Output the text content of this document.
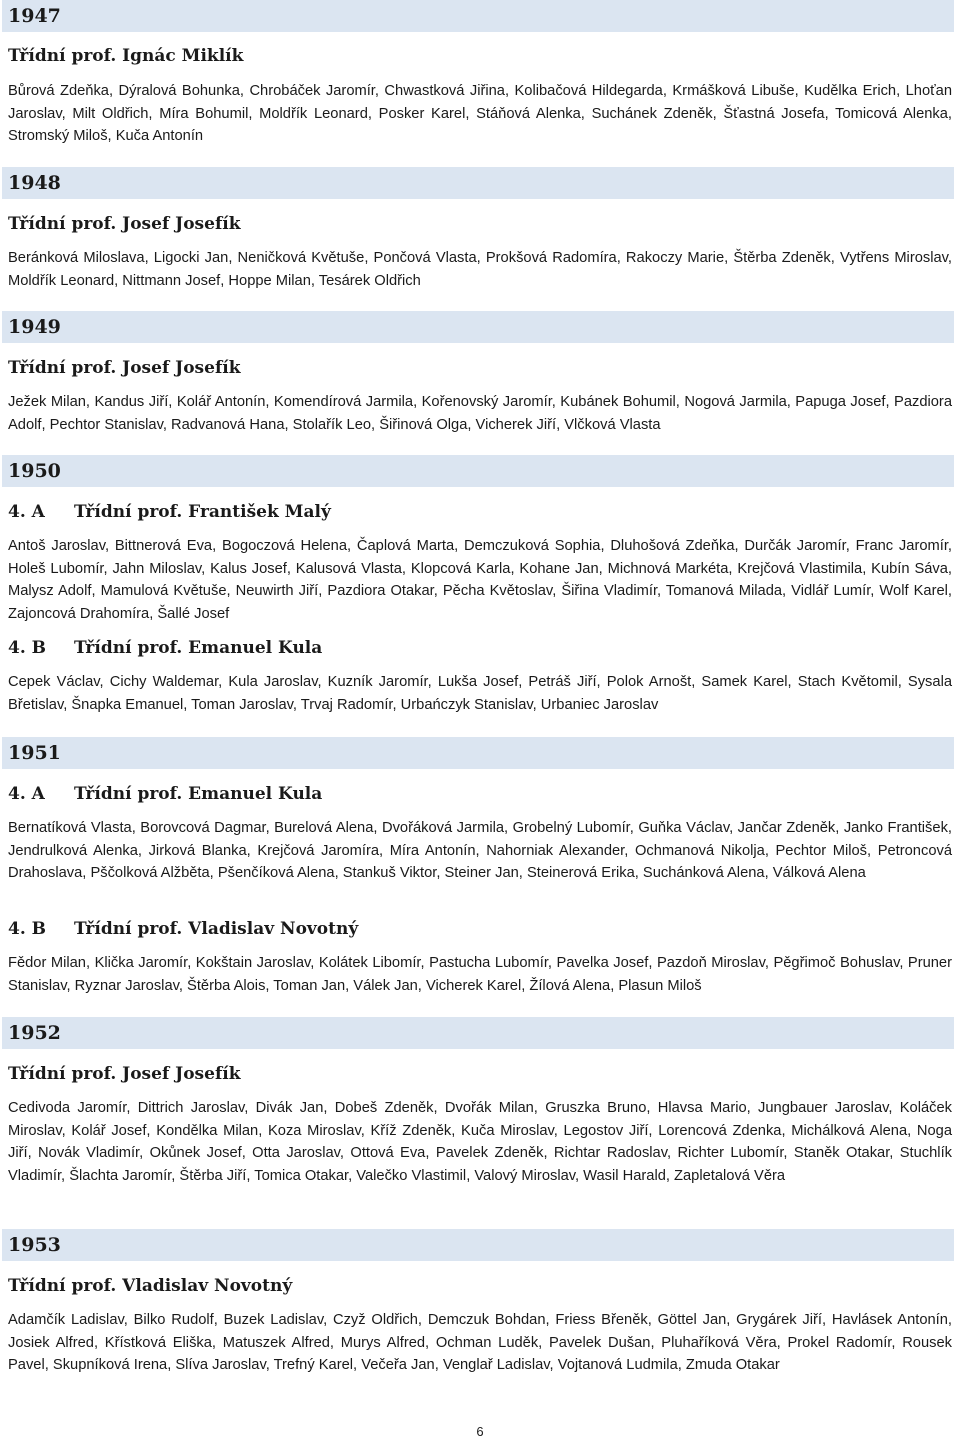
1947
Třídní prof. Ignác Miklík

Bůrová Zdeňka, Dýralová Bohunka, Chrobáček Jaromír, Chwastková Jiřina, Kolibačová Hildegarda, Krmášková Libuše, Kudělka Erich, Lhoťan Jaroslav, Milt Oldřich, Míra Bohumil, Moldřík Leonard, Posker Karel, Stáňová Alenka, Suchánek Zdeněk, Šťastná Josefa, Tomicová Alenka, Stromský Miloš, Kuča Antonín

1948
Třídní prof. Josef Josefík

Beránková Miloslava, Ligocki Jan, Neničková Květuše, Pončová Vlasta, Prokšová Radomíra, Rakoczy Marie, Štěrba Zdeněk, Vytřens Miroslav, Moldřík Leonard, Nittmann Josef, Hoppe Milan, Tesárek Oldřich

1949
Třídní prof. Josef Josefík

Ježek Milan, Kandus Jiří, Kolář Antonín, Komendírová Jarmila, Kořenovský Jaromír, Kubánek Bohumil, Nogová Jarmila, Papuga Josef, Pazdiora Adolf, Pechtor Stanislav, Radvanová Hana, Stolařík Leo, Šiřinová Olga, Vicherek Jiří, Vlčková Vlasta

1950
4. A Třídní prof. František Malý

Antoš Jaroslav, Bittnerová Eva, Bogoczová Helena, Čaplová Marta, Demczuková Sophia, Dluhošová Zdeňka, Durčák Jaromír, Franc Jaromír, Holeš Lubomír, Jahn Miloslav, Kalus Josef, Kalusová Vlasta, Klopcová Karla, Kohane Jan, Michnová Markéta, Krejčová Vlastimila, Kubín Sáva, Malysz Adolf, Mamulová Květuše, Neuwirth Jiří, Pazdiora Otakar, Pěcha Květoslav, Šiřina Vladimír, Tomanová Milada, Vidlář Lumír, Wolf Karel, Zajoncová Drahomíra, Šallé Josef

4. B Třídní prof. Emanuel Kula

Cepek Václav, Cichy Waldemar, Kula Jaroslav, Kuzník Jaromír, Lukša Josef, Petráš Jiří, Polok Arnošt, Samek Karel, Stach Květomil, Sysala Břetislav, Šnapka Emanuel, Toman Jaroslav, Trvaj Radomír, Urbańczyk Stanislav, Urbaniec Jaroslav

1951
4. A Třídní prof. Emanuel Kula

Bernatíková Vlasta, Borovcová Dagmar, Burelová Alena, Dvořáková Jarmila, Grobelný Lubomír, Guňka Václav, Jančar Zdeněk, Janko František, Jendrulková Alenka, Jirková Blanka, Krejčová Jaromíra, Míra Antonín, Nahorniak Alexander, Ochmanová Nikolja, Pechtor Miloš, Petroncová Drahoslava, Pščolková Alžběta, Pšenčíková Alena, Stankuš Viktor, Steiner Jan, Steinerová Erika, Suchánková Alena, Válková Alena

4. B Třídní prof. Vladislav Novotný

Fědor Milan, Klička Jaromír, Kokštain Jaroslav, Kolátek Libomír, Pastucha Lubomír, Pavelka Josef, Pazdoň Miroslav, Pěgřimoč Bohuslav, Pruner Stanislav, Ryznar Jaroslav, Štěrba Alois, Toman Jan, Válek Jan, Vicherek Karel, Žílová Alena, Plasun Miloš

1952
Třídní prof. Josef Josefík

Cedivoda Jaromír, Dittrich Jaroslav, Divák Jan, Dobeš Zdeněk, Dvořák Milan, Gruszka Bruno, Hlavsa Mario, Jungbauer Jaroslav, Koláček Miroslav, Kolář Josef, Kondělka Milan, Koza Miroslav, Kříž Zdeněk, Kuča Miroslav, Legostov Jiří, Lorencová Zdenka, Michálková Alena, Noga Jiří, Novák Vladimír, Okůnek Josef, Otta Jaroslav, Ottová Eva, Pavelek Zdeněk, Richtar Radoslav, Richter Lubomír, Staněk Otakar, Stuchlík Vladimír, Šlachta Jaromír, Štěrba Jiří, Tomica Otakar, Valečko Vlastimil, Valový Miroslav, Wasil Harald, Zapletalová Věra

1953
Třídní prof. Vladislav Novotný

Adamčík Ladislav, Bilko Rudolf, Buzek Ladislav, Czyž Oldřich, Demczuk Bohdan, Friess Břeněk, Göttel Jan, Grygárek Jiří, Havlásek Antonín, Josiek Alfred, Křístková Eliška, Matuszek Alfred, Murys Alfred, Ochman Luděk, Pavelek Dušan, Pluhaříková Věra, Prokel Radomír, Rousek Pavel, Skupníková Irena, Slíva Jaroslav, Trefný Karel, Večeřa Jan, Venglař Ladislav, Vojtanová Ludmila, Zmuda Otakar

6
